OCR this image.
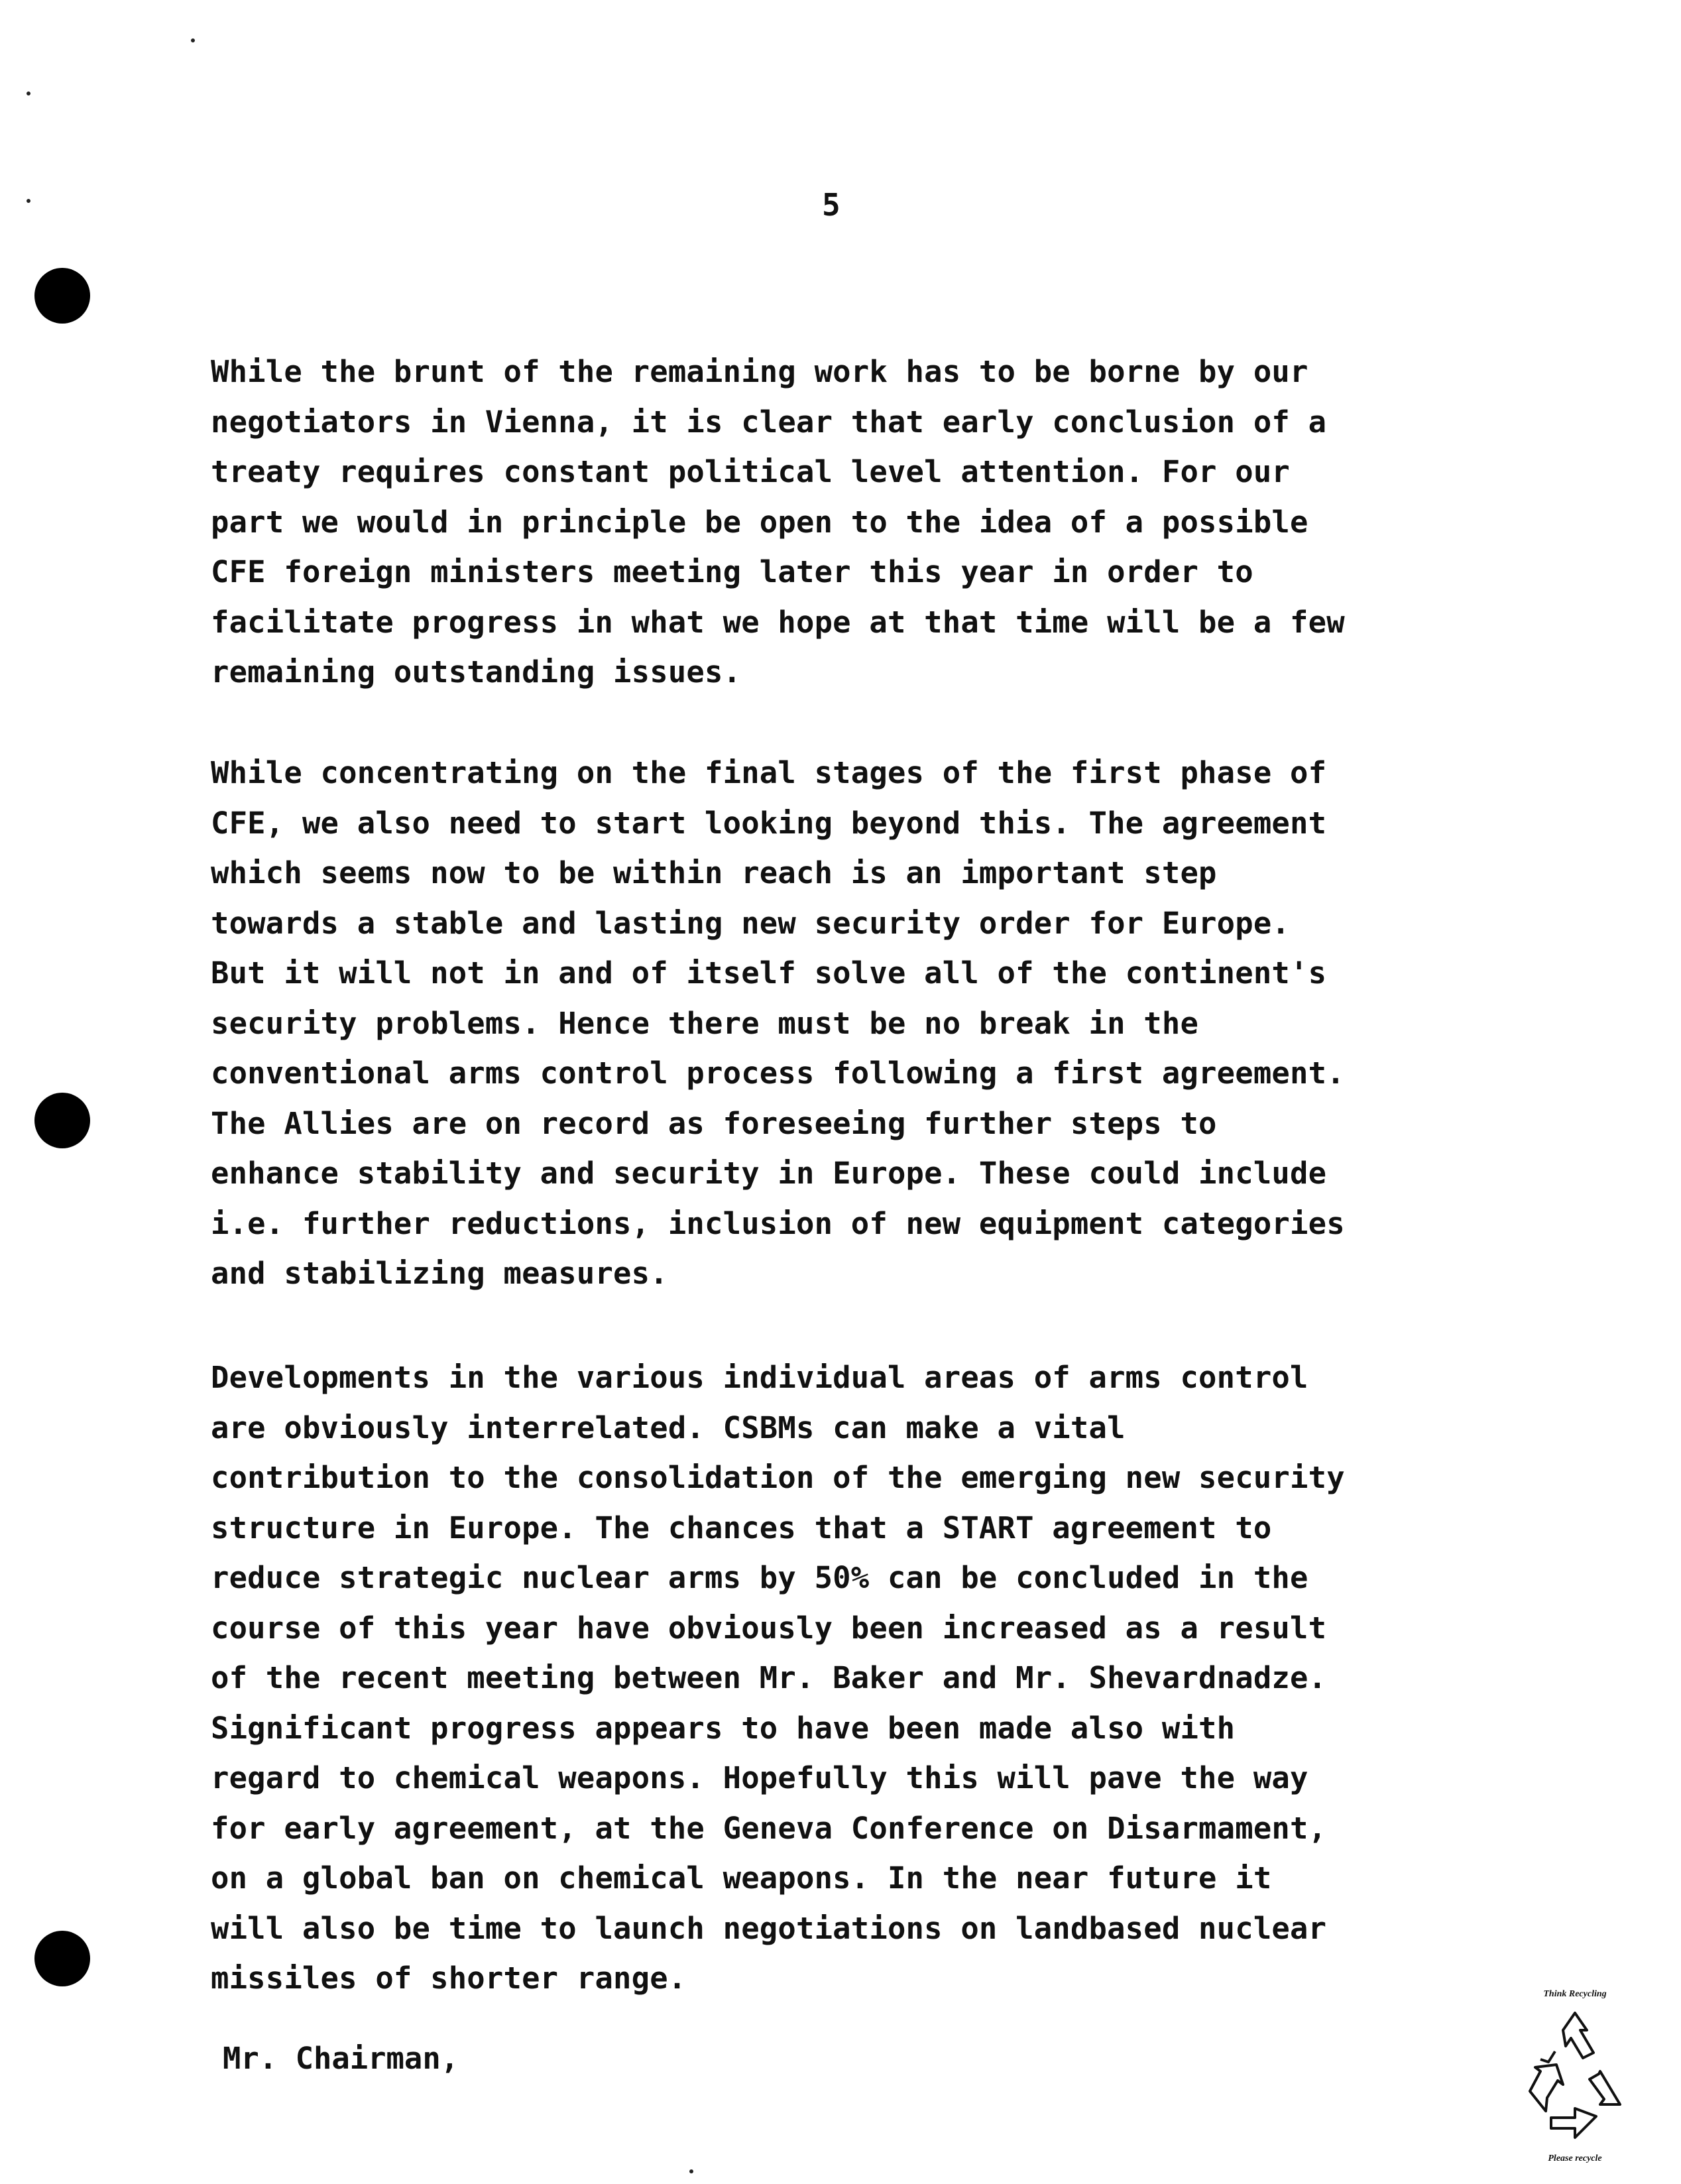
5

While the brunt of the remaining work has to be borne by our
negotiators in Vienna, it is clear that early conclusion of a
treaty requires constant political level attention. For our
part we would in principle be open to the idea of a possible
CFE foreign ministers meeting later this year in order to
facilitate progress in what we hope at that time will be a few
remaining outstanding issues.

While concentrating on the final stages of the first phase of
CFE, we also need to start looking beyond this. The agreement
which seems now to be within reach is an important step
towards a stable and lasting new security order for Europe.
But it will not in and of itself solve all of the continent's
security problems. Hence there must be no break in the
conventional arms control process following a first agreement.
The Allies are on record as foreseeing further steps to
enhance stability and security in Europe. These could include
i.e. further reductions, inclusion of new equipment categories
and stabilizing measures.

Developments in the various individual areas of arms control
are obviously interrelated. CSBMs can make a vital
contribution to the consolidation of the emerging new security
structure in Europe. The chances that a START agreement to
reduce strategic nuclear arms by 50% can be concluded in the
course of this year have obviously been increased as a result
of the recent meeting between Mr. Baker and Mr. Shevardnadze.
Significant progress appears to have been made also with
regard to chemical weapons. Hopefully this will pave the way
for early agreement, at the Geneva Conference on Disarmament,
on a global ban on chemical weapons. In the near future it
will also be time to launch negotiations on landbased nuclear
missiles of shorter range.

Mr. Chairman,
Think Recycling
Please recycle
